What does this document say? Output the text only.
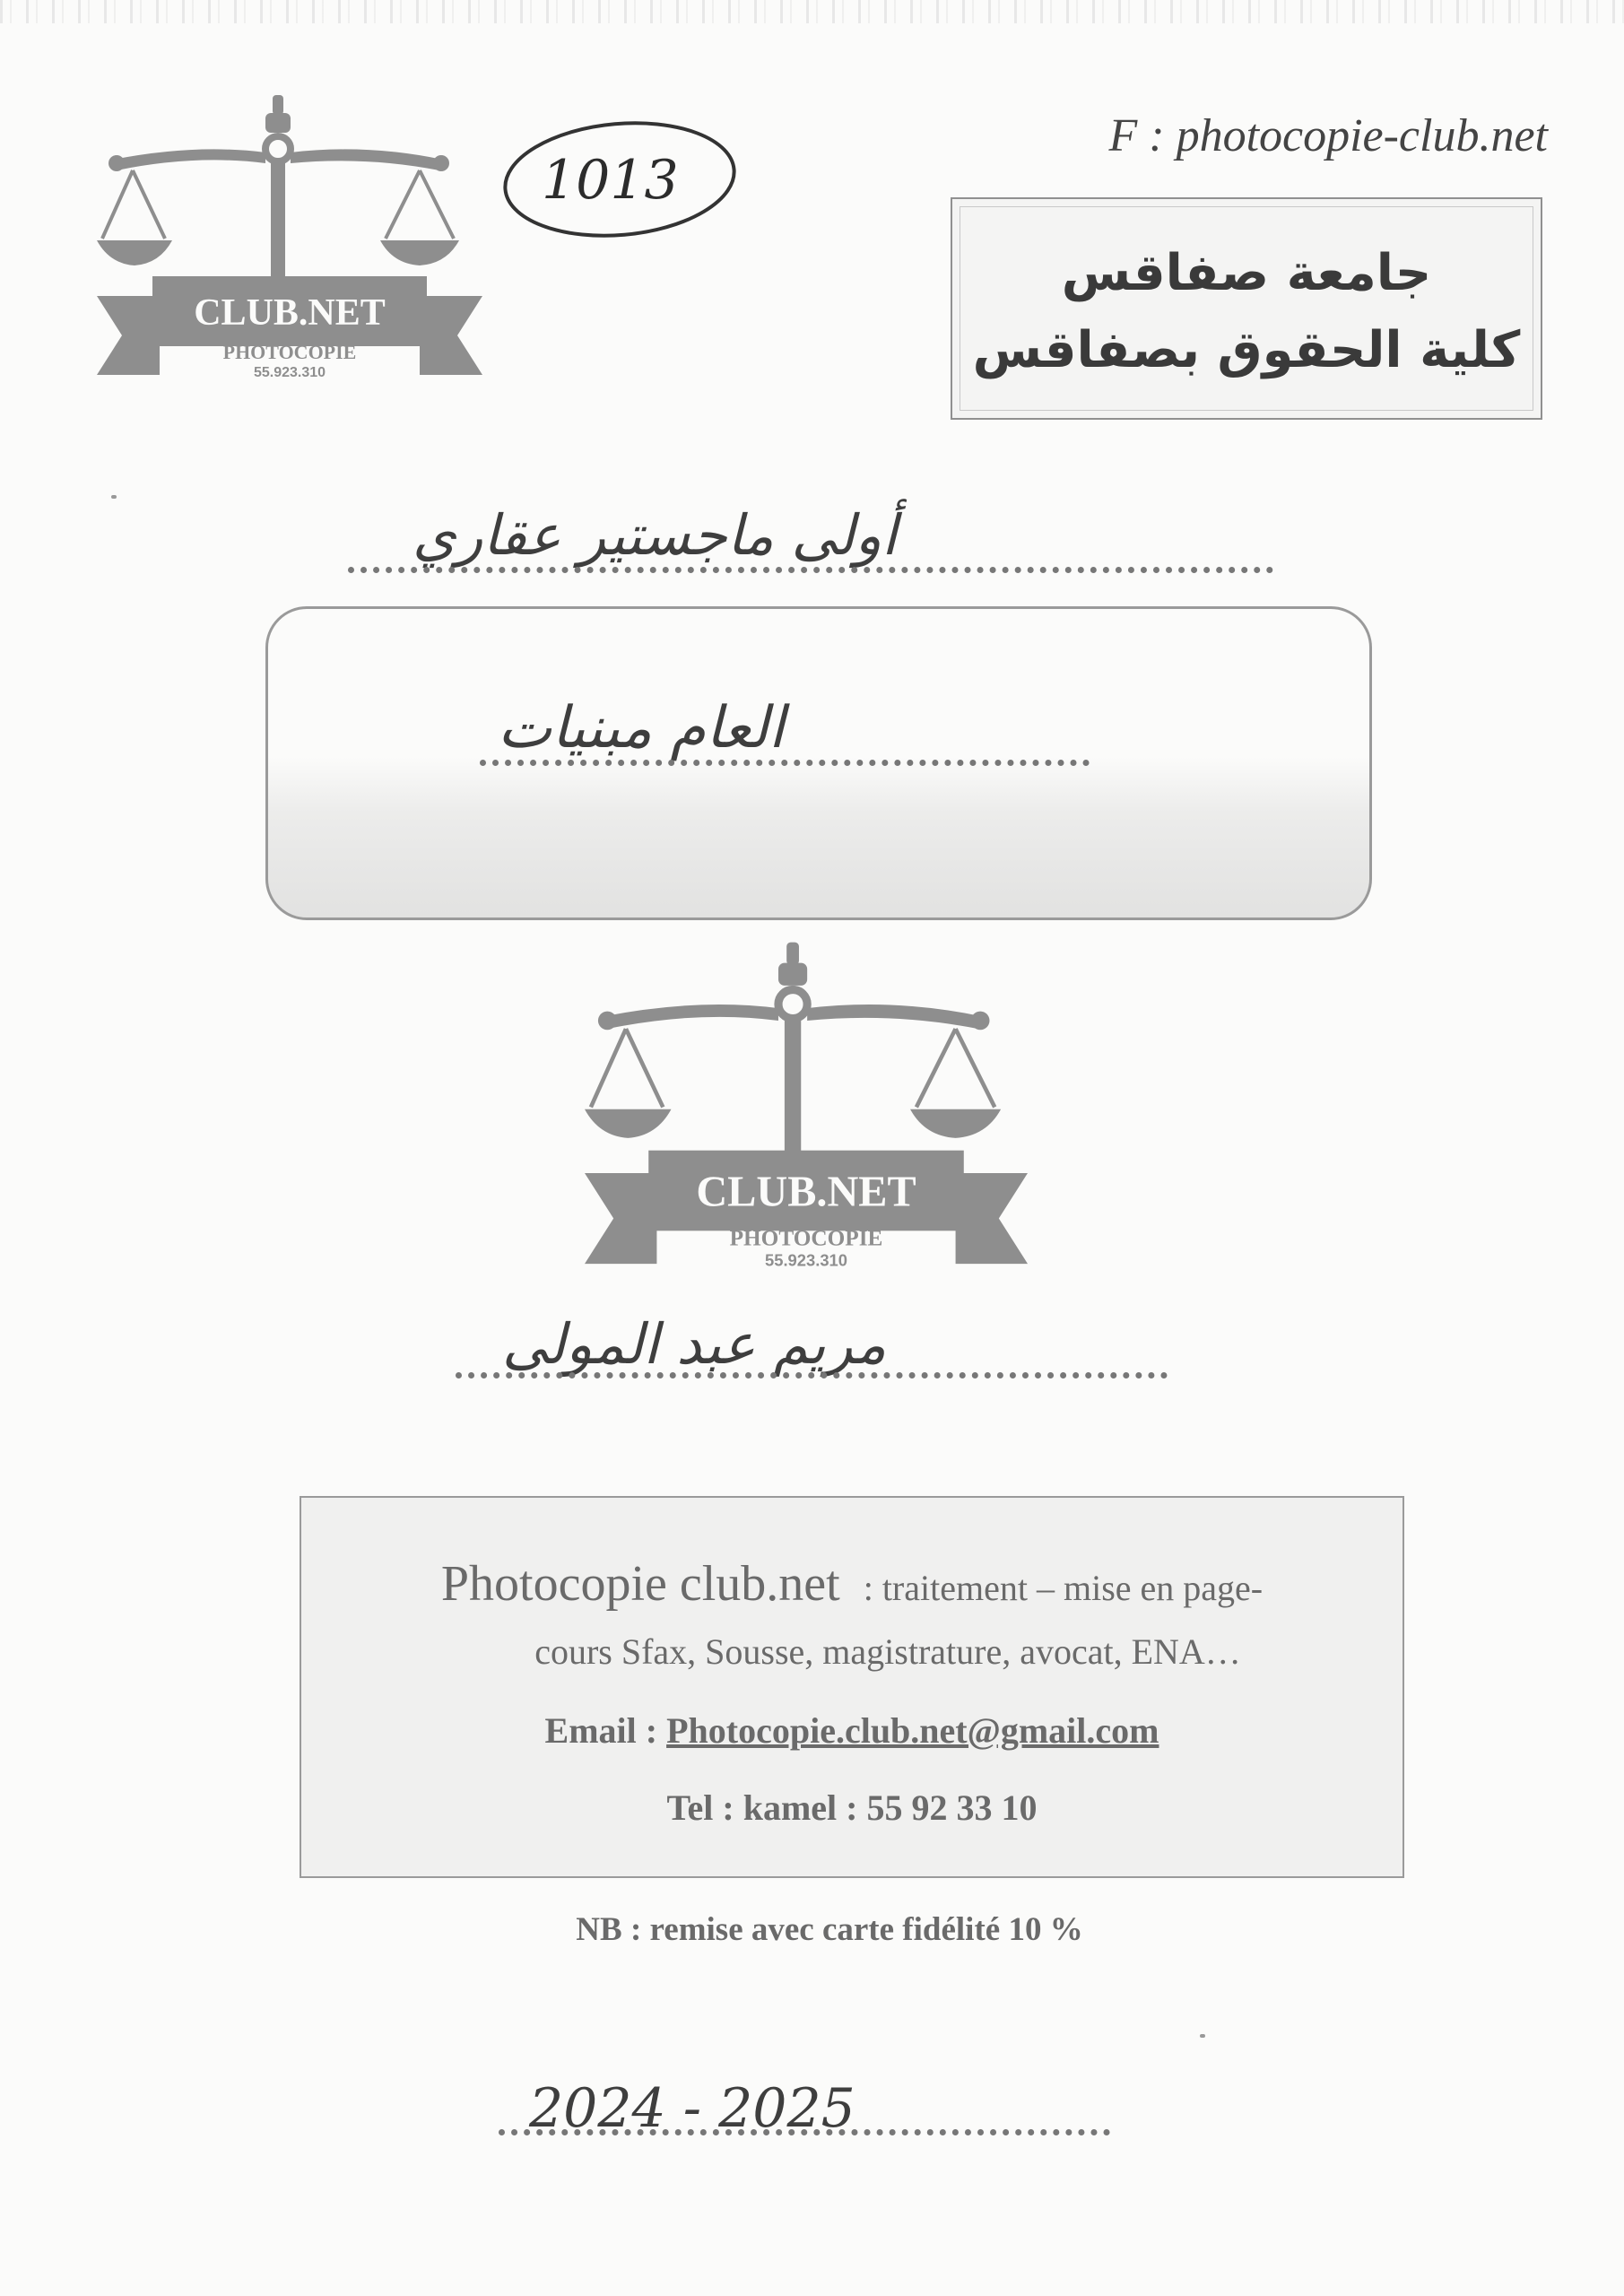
CLUB.NET
PHOTOCOPIE
55.923.310
1013
F : photocopie-club.net
جامعة صفاقس
كلية الحقوق بصفاقس
أولى ماجستير عقاري
العام مبنيات
CLUB.NET
PHOTOCOPIE
55.923.310
مريم عبد المولى
Photocopie club.net : traitement – mise en page-
cours Sfax, Sousse, magistrature, avocat, ENA…
Email : Photocopie.club.net@gmail.com
Tel : kamel : 55 92 33 10
NB : remise avec carte fidélité 10 %
2024 - 2025
